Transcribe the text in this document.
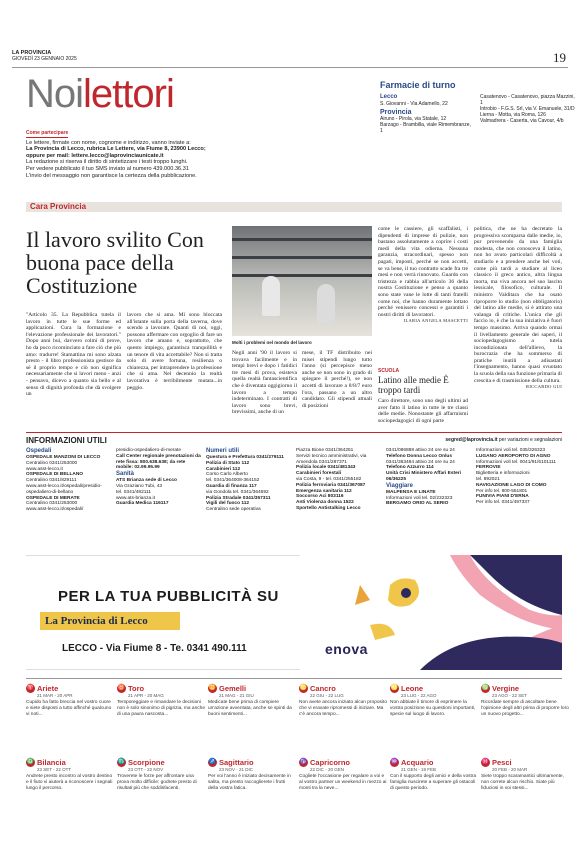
LA PROVINCIA
GIOVEDÌ 23 GENNAIO 2025	19
Noilettori
Come partecipare

Le lettere, firmate con nome, cognome e indirizzo, vanno inviate a:

La Provincia di Lecco, rubrica Le Lettere, via Fiume 8, 23900 Lecco;

oppure per mail: lettere.lecco@laprovinciaunicate.it

La redazione si riserva il diritto di sintetizzare i testi troppo lunghi.

Per vedere pubblicato il tuo SMS inviato al numero 439.000.36.31

L'invio del messaggio non garantisce la certezza della pubblicazione.

Farmacie di turno
Lecco
S. Giovanni - Via Adamello, 22
Provincia
Airuno - Pirola, via Statale, 12
Barzago - Brambilla, viale Rimembranze, 1
Casatenovo - Casatenovo, piazza Mazzini, 1
Introbio - F.G.S. Srl, via V. Emanuele, 31/D
Lierna - Motta, via Roma, 126
Valmadrera - Caserta, via Cavour, 4/b
Cara Provincia
Il lavoro svilito Con buona pace della Costituzione
Molti i problemi nel mondo del lavoro
"Articolo 35. La Repubblica tutela il lavoro in tutte le sue forme ed applicazioni. Cura la formazione e l'elevazione professionale dei lavoratori." Dopo anni bui, davvero colmi di prove, ho da poco ricominciato a fare ciò che più amo: tradurre! Stamattina mi sono alzata presto - il libro professionista gestisce da sé il proprio tempo e ciò non significa necessariamente che si lavori meno - anzi - pensavo, dicevo a quanto sia bello e al senso di dignità profonda che dà svolgere un
lavoro che si ama. Mi sono bloccata all'istante sulla porta della taverna, dove scendo a lavorare. Quanti di noi, oggi, possono affermare con orgoglio di fare un lavoro che amano e, soprattutto, che questo impiego, garantisca tranquillità e un tenore di vita accettabile? Non si tratta solo di avere fortuna, resilienza o chiarezza, per intraprendere la professione che si ama. Nel decennio la realtà lavorativa è terribilmente mutata...in peggio.
Negli anni '90 il lavoro si trovava facilmente e in tempi brevi e dopo i fatidici tre mesi di prova, esisteva quella realtà fantascientifica che è diventata oggigiorno il lavoro a tempo indeterminato. I contratti di lavoro sono brevi, brevissimi, anche di un
mese, il TF distribuito nei misei stipendi lungo tutto l'anno (si percepisce meno anche se non sono in grado di spiegare il perché!), se non accetti di lavorare a 8/8/7 euro l'ora, passano a un altro candidato. Gli stipendi attuali di posizioni
come le cassiere, gli scaffalisti, i dipendenti di imprese di pulizie, non bastano assolutamente a coprire i costi medi della vita odierna. Nessuna garanzia, stracordinarì, spesso non pagati, imposti, perché se non accetti, se va bene, il tuo contratto scade fra tre mesi e non verrà rinnovato. Guardo con tristezza e rabbia all'articolo 36 della nostra Costituzione e penso a quanto sono state vane le lotte di tanti fratelli come noi, che hanno duramente lottato perché venissero concessi e garantiti i nostri diritti di lavoratori.
ILARIA ANGELA MASCETTI
SCUOLA
Latino alle medie È troppo tardi
Caro direttore, sono uno degli ultimi ad aver fatto il latino in tutte le tre classi delle medie. Nonostante gli affarmismi sociopedagogici di ogni parte
politica, che ne ha decretato la progressiva scomparsa dalle medie, io, pur provenendo da una famiglia modesta, che non conosceva il latino, non ho avuto particolari difficoltà a studiarlo e a prendere anche bei voti, come più tardi a studiare al liceo classico il greco antico, altra lingua morta, ma viva ancora nel suo lascito lessicale, filosofico, culturale. Il ministro Valditara che ha osato riproporre lo studio (non obbligatorio) del latino alle medie, si è attirato una valanga di critiche. L'unica che gli faccio io, è che la sua iniziativa è fuori tempo massimo. Arriva quando ormai il livellamento generale dei saperi, il sociopedagogismo a tutela incondizionata dell'allievo, la burocrazia che ha sommerso di pratiche inutili a adisastati l'insegnamento, hanno quasi svuotato la scuola della sua funzione primaria di crescita e di trasmissione della cultura.
RICCARDO GUI
INFORMAZIONI UTILI	segred@laprovincia.it per variazioni e segnalazioni
Ospedali
OSPEDALE MANZONI DI LECCO
Centralino 0341/253000
www.asst-lecco.it
OSPEDALE DI BELLANO
Centralino 0341/829111
www.asst-lecco.it/ospedali/presidio-ospedaliero-di-bellano
OSPEDALE DI MERATE
Centralino 0341/253000
www.asst-lecco.it/ospedali/
presidio-ospedaliero-di-merate
Call Center regionale prenotazioni da rete fissa: 800.638.638; da rete mobile: 02.99.95.99
Sanità
ATS Brianza sede di Lecco
Via Graziano Tubi, 43
tel. 0341/482111
www.ats-brianza.it
Guardia Medica 116117
Numeri utili
Questura e Prefettura 0341/279111
Polizia di Stato 112
Carabinieri 112
Corso Carlo Alberto
tel. 0341/364008-364152
Guardia di finanza 117
via Gondola tel. 0341/364692
Polizia Stradale 0341/357311
Vigili del fuoco 112
Centralino sede operativa
Piazza Bione 0341/364251
Servizi tecnico amministrativi, via Amendola 0341/287371
Polizia locale 0341/481343
Carabinieri forestali
via Costa, 9 - tel. 0341/255182
Polizia ferroviaria 0341/367087
Emergenza sanitaria 112
Soccorso Aci 803116
Anti Violenza donna 1522
Sportello Antistalking Lecco
0341/086888 attivo 24 ore su 24
Telefono Donna Lecco Onlus
0341/363484 attivo 24 ore su 24
Telefono Azzurro 114
Unità Crisi Ministero Affari Esteri 06/36225
Viaggiare
MALPENSA E LINATE
Informazioni voli tel. 02/232323
BERGAMO ORIO AL SERIO
Informazioni voli tel. 035/326323
LUGANO AEROPORTO DI AGNO
Informazioni voli tel. 0041/91/6101111
FERROVIE
Biglietteria e informazioni
tel. 892021
NAVIGAZIONE LAGO DI COMO
Per info tel. 800-551801
FUNIVIA PIANI D'ERNA
Per info tel. 0341/497337
PER LA TUA PUBBLICITÀ SU
La Provincia di Lecco
LECCO - Via Fiume 8 - Te. 0341 490.111	enova
♈ Ariete
21 MAR - 20 APR
Cupido ha fatto breccia nel vostro cuore e siete disposti a tutto affinché qualcuno vi noti...
♉ Toro
21 APR - 20 MAG
Temporeggiare e rimandare le decisioni non è solo sinonimo di pigrizia, ma anche di una paura nascosta...
♊ Gemelli
21 MAG - 21 GIU
Medicate bene prima di compiere un'azione avventata, anche se spinti da buoni sentimenti...
♋ Cancro
22 GIU - 22 LUG
Non avete ancora iniziato alcun proposito che vi eravate ripromessi di iniziare. Ma c'è ancora tempo...
♌ Leone
23 LUG - 22 AGO
Non abbiate il timore di esprimere la vostra posizione su questioni importanti, specie sul luogo di lavoro.
♍ Vergine
23 AGO - 22 SET
Ricordate sempre di ascoltare bene l'opinione degli altri prima di proporre loro un nuovo progetto...
♎ Bilancia
23 SET - 22 OTT
Andrete presto incontro al vostro destino e il fiuto vi aiuterà a riconoscere i segnali lungo il percorso.
♏ Scorpione
23 OTT - 22 NOV
Troverete le forze per affrontare una prova molto difficile: godrete presto di risultati più che soddisfacenti.
♐ Sagittario
23 NOV - 21 DIC
Per voi l'anno è iniziato decisamente in salita, ma presto raccoglierete i frutti della vostra fatica.
♑ Capricorno
22 DIC - 20 GEN
Cogliete l'occasione per regalare a voi e al vostro partner un weekend in mezzo ai monti tra la neve...
♒ Acquario
21 GEN - 19 FEB
Con il supporto degli amici e della vostra famiglia riuscirete a superare gli ostacoli di questo periodo.
♓ Pesci
20 FEB - 20 MAR
Siete troppo scaramantici ultimamente, non correte alcun rischio. Siate più fiduciosi in voi stessi...
